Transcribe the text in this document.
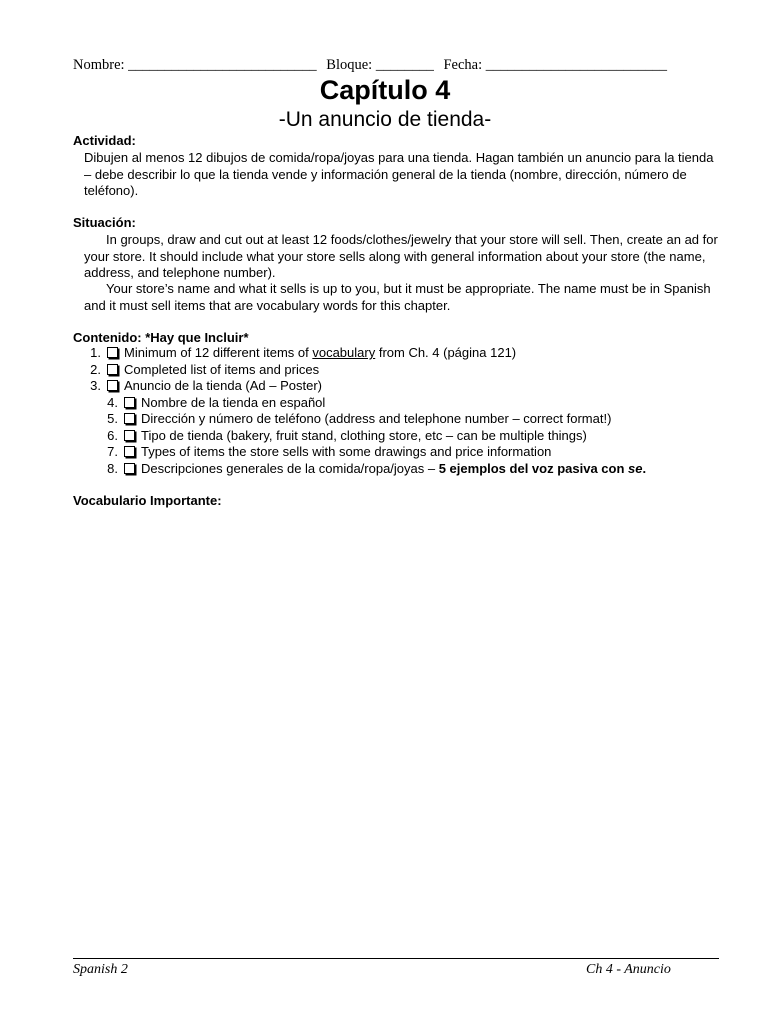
Nombre: __________________________ Bloque: ________ Fecha: _________________________
Capítulo 4
-Un anuncio de tienda-
Actividad:
Dibujen al menos 12 dibujos de comida/ropa/joyas para una tienda. Hagan también un anuncio para la tienda – debe describir lo que la tienda vende y información general de la tienda (nombre, dirección, número de teléfono).
Situación:
In groups, draw and cut out at least 12 foods/clothes/jewelry that your store will sell. Then, create an ad for your store. It should include what your store sells along with general information about your store (the name, address, and telephone number).
Your store’s name and what it sells is up to you, but it must be appropriate. The name must be in Spanish and it must sell items that are vocabulary words for this chapter.
Contenido: *Hay que Incluir*
1. Minimum of 12 different items of vocabulary from Ch. 4 (página 121)
2. Completed list of items and prices
3. Anuncio de la tienda (Ad – Poster)
4. Nombre de la tienda en español
5. Dirección y número de teléfono (address and telephone number – correct format!)
6. Tipo de tienda (bakery, fruit stand, clothing store, etc – can be multiple things)
7. Types of items the store sells with some drawings and price information
8. Descripciones generales de la comida/ropa/joyas – 5 ejemplos del voz pasiva con se.
Vocabulario Importante:
Spanish 2	Ch 4 - Anuncio
